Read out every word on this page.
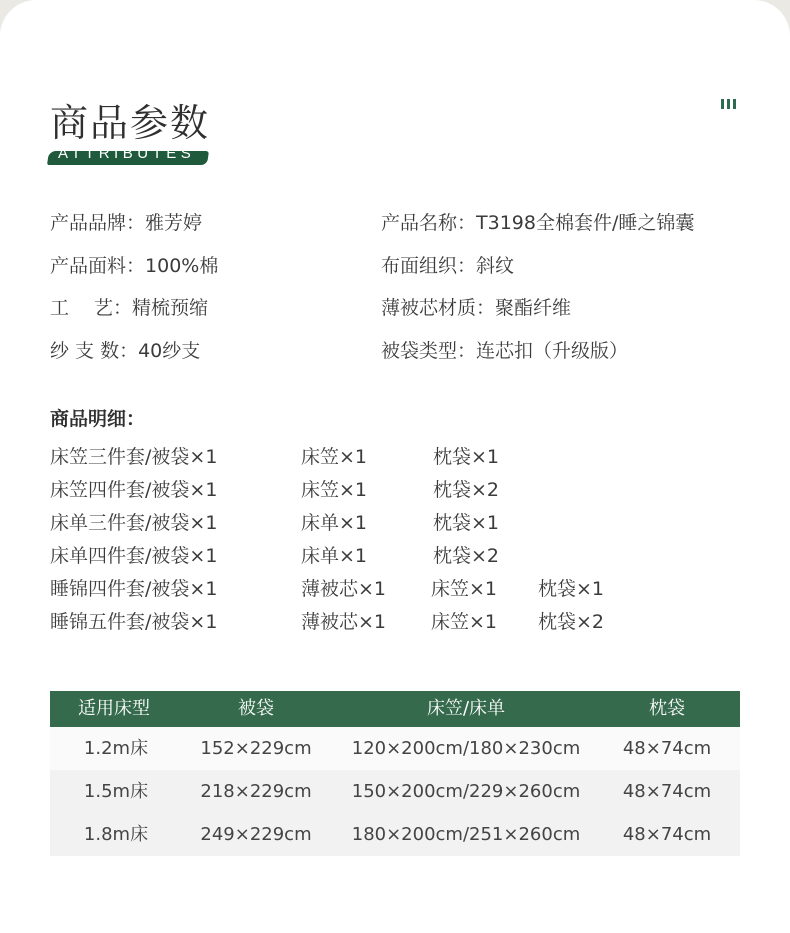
商品参数
ATTRIBUTES
产品品牌：雅芳婷	产品名称：T3198全棉套件/睡之锦囊
产品面料：100%棉	布面组织：斜纹
工　 艺：精梳预缩	薄被芯材质：聚酯纤维
纱 支 数：40纱支	被袋类型：连芯扣（升级版）
商品明细：
床笠三件套/被袋×1	床笠×1	枕袋×1
床笠四件套/被袋×1	床笠×1	枕袋×2
床单三件套/被袋×1	床单×1	枕袋×1
床单四件套/被袋×1	床单×1	枕袋×2
睡锦四件套/被袋×1	薄被芯×1 床笠×1 枕袋×1
睡锦五件套/被袋×1	薄被芯×1 床笠×1 枕袋×2
适用床型	被袋	床笠/床单	枕袋
1.2m床	152×229cm 120×200cm/180×230cm 48×74cm
1.5m床	218×229cm 150×200cm/229×260cm 48×74cm
1.8m床	249×229cm 180×200cm/251×260cm 48×74cm
